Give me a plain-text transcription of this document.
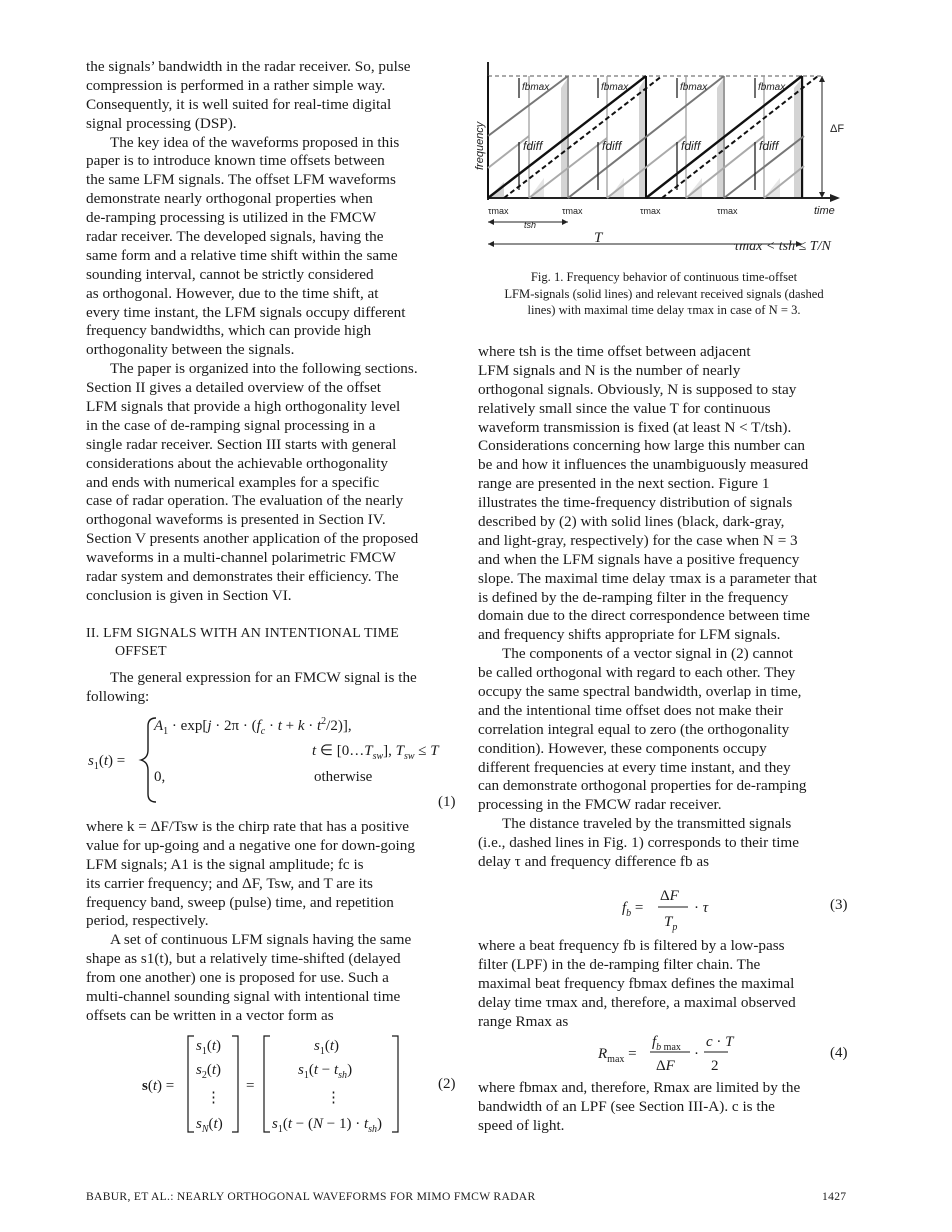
the signals’ bandwidth in the radar receiver. So, pulse
compression is performed in a rather simple way.
Consequently, it is well suited for real-time digital
signal processing (DSP).
The key idea of the waveforms proposed in this
paper is to introduce known time offsets between
the same LFM signals. The offset LFM waveforms
demonstrate nearly orthogonal properties when
de-ramping processing is utilized in the FMCW
radar receiver. The developed signals, having the
same form and a relative time shift within the same
sounding interval, cannot be strictly considered
as orthogonal. However, due to the time shift, at
every time instant, the LFM signals occupy different
frequency bandwidths, which can provide high
orthogonality between the signals.
The paper is organized into the following sections.
Section II gives a detailed overview of the offset
LFM signals that provide a high orthogonality level
in the case of de-ramping signal processing in a
single radar receiver. Section III starts with general
considerations about the achievable orthogonality
and ends with numerical examples for a specific
case of radar operation. The evaluation of the nearly
orthogonal waveforms is presented in Section IV.
Section V presents another application of the proposed
waveforms in a multi-channel polarimetric FMCW
radar system and demonstrates their efficiency. The
conclusion is given in Section VI.
II. LFM SIGNALS WITH AN INTENTIONAL TIME
OFFSET
The general expression for an FMCW signal is the
following:
$s_1(t)$ =
$A_1 \cdot \exp[j \cdot 2\pi \cdot (f_c \cdot t + k \cdot t^2/2)]$,
t ∈ $[0\dots T_{sw}]$, $T_{sw} \le T$
0,	otherwise
(1)
where k = ΔF/Tsw is the chirp rate that has a positive
value for up-going and a negative one for down-going
LFM signals; A1 is the signal amplitude; fc is
its carrier frequency; and ΔF, Tsw, and T are its
frequency band, sweep (pulse) time, and repetition
period, respectively.
A set of continuous LFM signals having the same
shape as s1(t), but a relatively time-shifted (delayed
from one another) one is proposed for use. Such a
multi-channel sounding signal with intentional time
offsets can be written in a vector form as
s(t) =
$s_1(t)$
$s_2(t)$
⋮
$s_N(t)$
=
$s_1(t)$
$s_1(t - t_{sh})$
⋮
$s_1(t - (N - 1) \cdot t_{sh})$
(2)
frequency
time
ΔF
fbmax	fbmax	fbmax	fbmax
fdiff	fdiff	fdiff	fdiff
τmax	τmax	τmax	τmax
tsh
T
τmax < tsh ≤ T/N
Fig. 1. Frequency behavior of continuous time-offset
LFM-signals (solid lines) and relevant received signals (dashed
lines) with maximal time delay τmax in case of N = 3.
where tsh is the time offset between adjacent
LFM signals and N is the number of nearly
orthogonal signals. Obviously, N is supposed to stay
relatively small since the value T for continuous
waveform transmission is fixed (at least N < T/tsh).
Considerations concerning how large this number can
be and how it influences the unambiguously measured
range are presented in the next section. Figure 1
illustrates the time-frequency distribution of signals
described by (2) with solid lines (black, dark-gray,
and light-gray, respectively) for the case when N = 3
and when the LFM signals have a positive frequency
slope. The maximal time delay τmax is a parameter that
is defined by the de-ramping filter in the frequency
domain due to the direct correspondence between time
and frequency shifts appropriate for LFM signals.
The components of a vector signal in (2) cannot
be called orthogonal with regard to each other. They
occupy the same spectral bandwidth, overlap in time,
and the intentional time offset does not make their
correlation integral equal to zero (the orthogonality
condition). However, these components occupy
different frequencies at every time instant, and they
can demonstrate orthogonal properties for de-ramping
processing in the FMCW radar receiver.
The distance traveled by the transmitted signals
(i.e., dashed lines in Fig. 1) corresponds to their time
delay τ and frequency difference fb as
$f_b$ =
ΔF
$T_p$
· τ	(3)
where a beat frequency fb is filtered by a low-pass
filter (LPF) in the de-ramping filter chain. The
maximal beat frequency fbmax defines the maximal
delay time τmax and, therefore, a maximal observed
range Rmax as
$R_{max}$ =
$f_{b max}$
ΔF
·
c · T
2
(4)
where fbmax and, therefore, Rmax are limited by the
bandwidth of an LPF (see Section III-A). c is the
speed of light.
BABUR, ET AL.: NEARLY ORTHOGONAL WAVEFORMS FOR MIMO FMCW RADAR	1427
